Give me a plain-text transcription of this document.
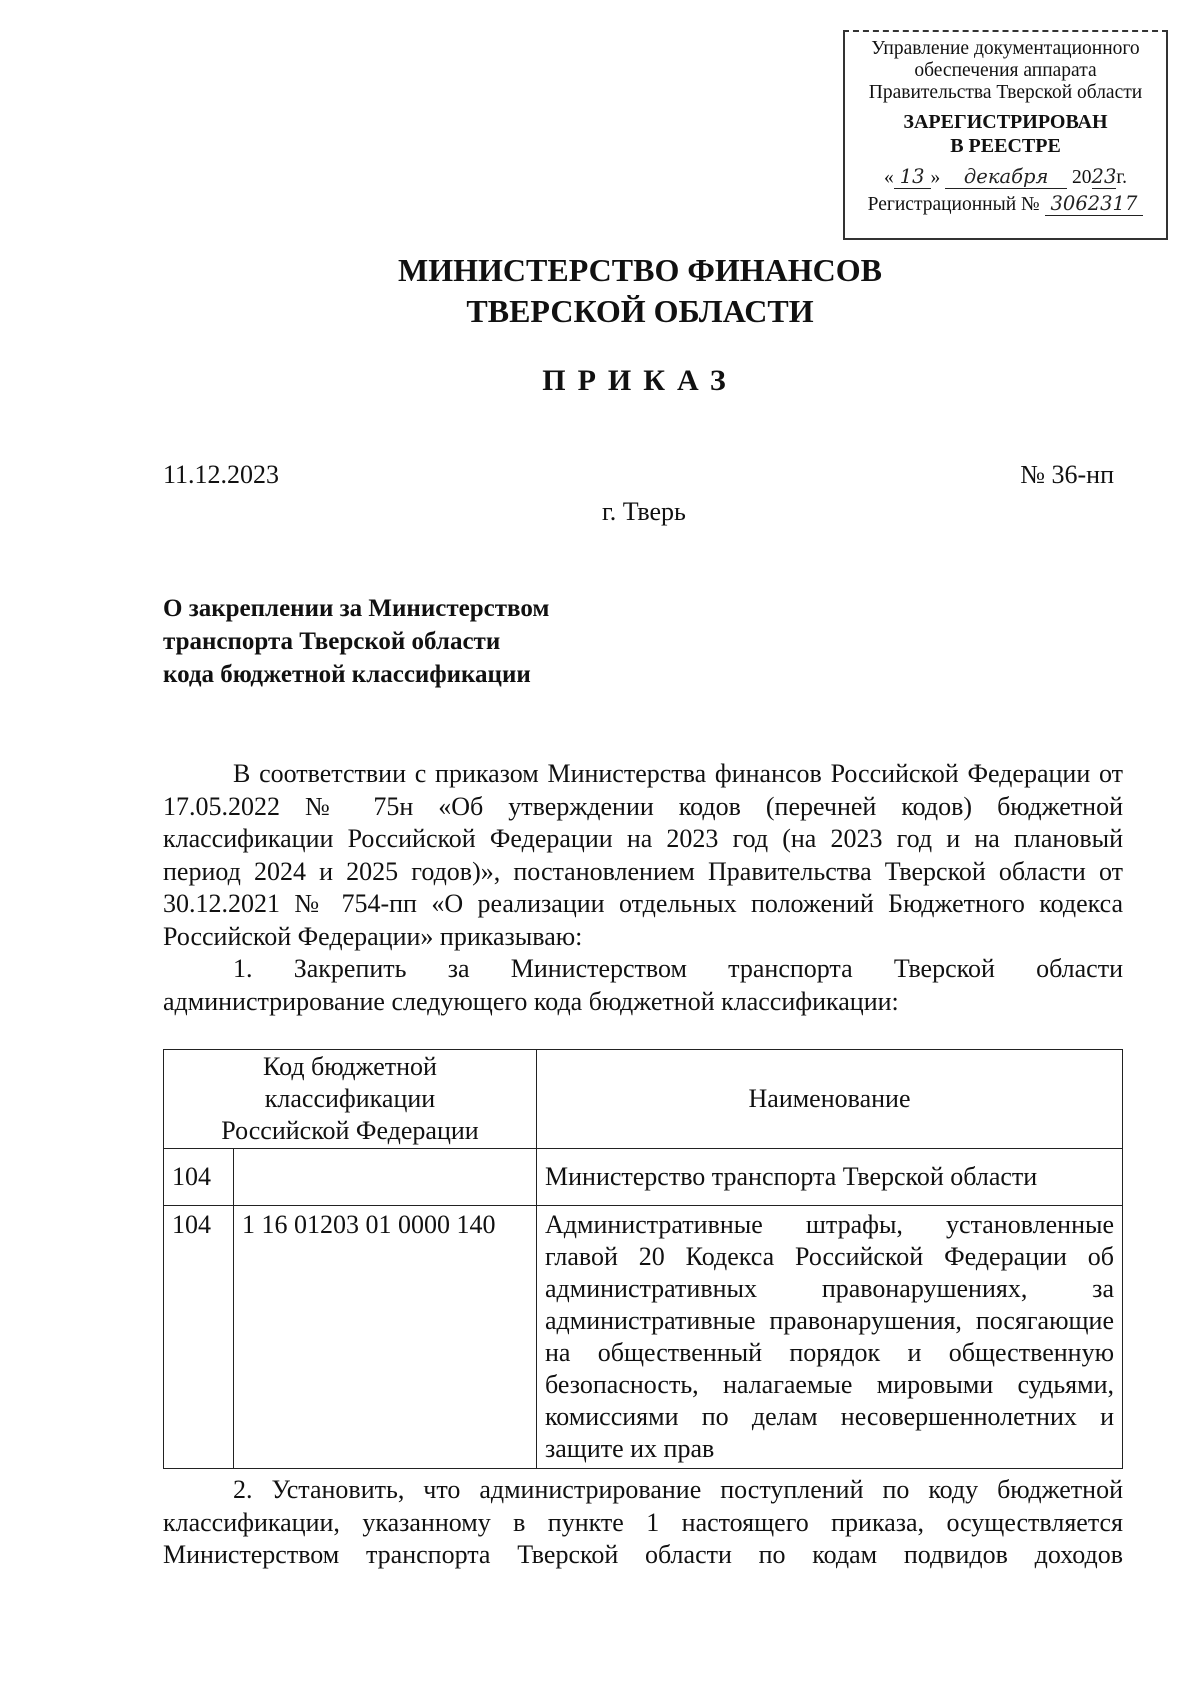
Управление документационного
обеспечения аппарата
Правительства Тверской области
ЗАРЕГИСТРИРОВАН
В РЕЕСТРЕ
« 13 » декабря 2023г.
Регистрационный № 3062317
МИНИСТЕРСТВО ФИНАНСОВ
ТВЕРСКОЙ ОБЛАСТИ
ПРИКАЗ
11.12.2023	№ 36-нп
г. Тверь
О закреплении за Министерством
транспорта Тверской области
кода бюджетной классификации

В соответствии с приказом Министерства финансов Российской Федерации от 17.05.2022 № 75н «Об утверждении кодов (перечней кодов) бюджетной классификации Российской Федерации на 2023 год (на 2023 год и на плановый период 2024 и 2025 годов)», постановлением Правительства Тверской области от 30.12.2021 № 754-пп «О реализации отдельных положений Бюджетного кодекса Российской Федерации» приказываю:

1. Закрепить за Министерством транспорта Тверской области администрирование следующего кода бюджетной классификации:

Код бюджетной классификации Российской Федерации		Наименование
104		Министерство транспорта Тверской области
104	1 16 01203 01 0000 140	Административные штрафы, установленные главой 20 Кодекса Российской Федерации об административных правонарушениях, за административные правонарушения, посягающие на общественный порядок и общественную безопасность, налагаемые мировыми судьями, комиссиями по делам несовершеннолетних и защите их прав

2. Установить, что администрирование поступлений по коду бюджетной классификации, указанному в пункте 1 настоящего приказа, осуществляется Министерством транспорта Тверской области по кодам подвидов доходов
